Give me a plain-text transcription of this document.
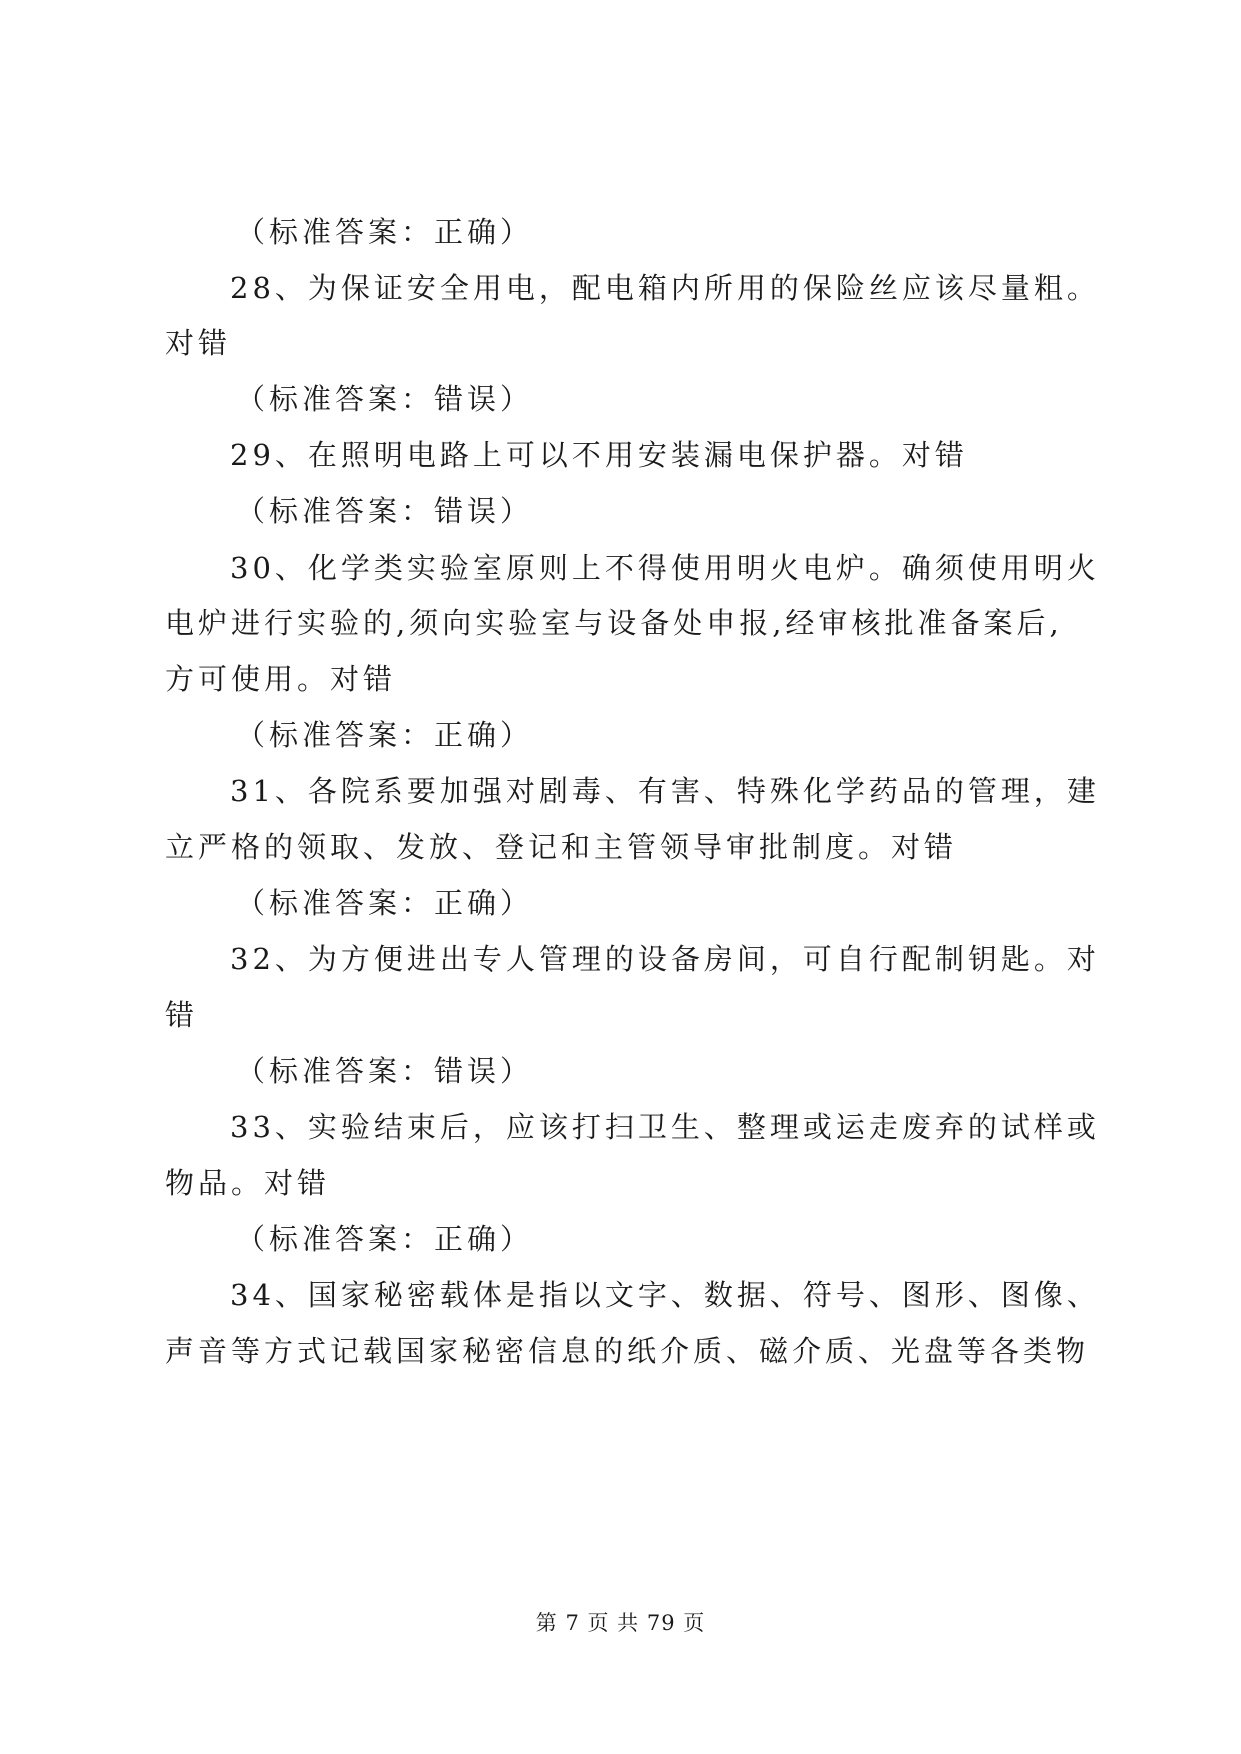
（标准答案：正确）
28、为保证安全用电，配电箱内所用的保险丝应该尽量粗。
对错
（标准答案：错误）
29、在照明电路上可以不用安装漏电保护器。对错
（标准答案：错误）
30、化学类实验室原则上不得使用明火电炉。确须使用明火
电炉进行实验的,须向实验室与设备处申报,经审核批准备案后,
方可使用。对错
（标准答案：正确）
31、各院系要加强对剧毒、有害、特殊化学药品的管理，建
立严格的领取、发放、登记和主管领导审批制度。对错
（标准答案：正确）
32、为方便进出专人管理的设备房间，可自行配制钥匙。对
错
（标准答案：错误）
33、实验结束后，应该打扫卫生、整理或运走废弃的试样或
物品。对错
（标准答案：正确）
34、国家秘密载体是指以文字、数据、符号、图形、图像、
声音等方式记载国家秘密信息的纸介质、磁介质、光盘等各类物
第 7 页 共 79 页
